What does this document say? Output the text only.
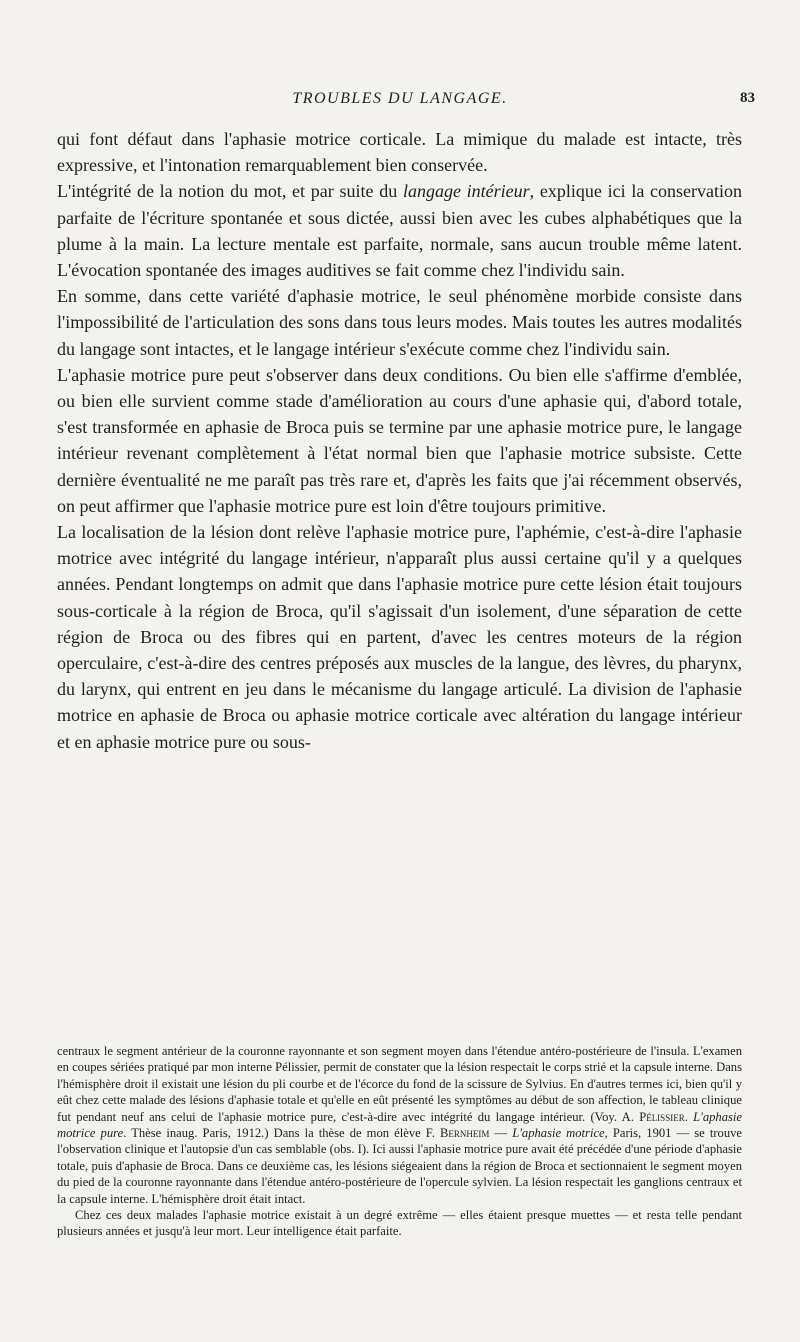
TROUBLES DU LANGAGE.	83

qui font défaut dans l'aphasie motrice corticale. La mimique du malade est intacte, très expressive, et l'intonation remarquablement bien conservée.

L'intégrité de la notion du mot, et par suite du langage intérieur, explique ici la conservation parfaite de l'écriture spontanée et sous dictée, aussi bien avec les cubes alphabétiques que la plume à la main. La lecture mentale est parfaite, normale, sans aucun trouble même latent. L'évocation spontanée des images auditives se fait comme chez l'individu sain.

En somme, dans cette variété d'aphasie motrice, le seul phénomène morbide consiste dans l'impossibilité de l'articulation des sons dans tous leurs modes. Mais toutes les autres modalités du langage sont intactes, et le langage intérieur s'exécute comme chez l'individu sain.

L'aphasie motrice pure peut s'observer dans deux conditions. Ou bien elle s'affirme d'emblée, ou bien elle survient comme stade d'amélioration au cours d'une aphasie qui, d'abord totale, s'est transformée en aphasie de Broca puis se termine par une aphasie motrice pure, le langage intérieur revenant complètement à l'état normal bien que l'aphasie motrice subsiste. Cette dernière éventualité ne me paraît pas très rare et, d'après les faits que j'ai récemment observés, on peut affirmer que l'aphasie motrice pure est loin d'être toujours primitive.

La localisation de la lésion dont relève l'aphasie motrice pure, l'aphémie, c'est-à-dire l'aphasie motrice avec intégrité du langage intérieur, n'apparaît plus aussi certaine qu'il y a quelques années. Pendant longtemps on admit que dans l'aphasie motrice pure cette lésion était toujours sous-corticale à la région de Broca, qu'il s'agissait d'un isolement, d'une séparation de cette région de Broca ou des fibres qui en partent, d'avec les centres moteurs de la région operculaire, c'est-à-dire des centres préposés aux muscles de la langue, des lèvres, du pharynx, du larynx, qui entrent en jeu dans le mécanisme du langage articulé. La division de l'aphasie motrice en aphasie de Broca ou aphasie motrice corticale avec altération du langage intérieur et en aphasie motrice pure ou sous-

centraux le segment antérieur de la couronne rayonnante et son segment moyen dans l'étendue antéro-postérieure de l'insula. L'examen en coupes sériées pratiqué par mon interne Pélissier, permit de constater que la lésion respectait le corps strié et la capsule interne. Dans l'hémisphère droit il existait une lésion du pli courbe et de l'écorce du fond de la scissure de Sylvius. En d'autres termes ici, bien qu'il y eût chez cette malade des lésions d'aphasie totale et qu'elle en eût présenté les symptômes au début de son affection, le tableau clinique fut pendant neuf ans celui de l'aphasie motrice pure, c'est-à-dire avec intégrité du langage intérieur. (Voy. A. Pélissier. L'aphasie motrice pure. Thèse inaug. Paris, 1912.) Dans la thèse de mon élève F. Bernheim — L'aphasie motrice, Paris, 1901 — se trouve l'observation clinique et l'autopsie d'un cas semblable (obs. I). Ici aussi l'aphasie motrice pure avait été précédée d'une période d'aphasie totale, puis d'aphasie de Broca. Dans ce deuxième cas, les lésions siégeaient dans la région de Broca et sectionnaient le segment moyen du pied de la couronne rayonnante dans l'étendue antéro-postérieure de l'opercule sylvien. La lésion respectait les ganglions centraux et la capsule interne. L'hémisphère droit était intact.

Chez ces deux malades l'aphasie motrice existait à un degré extrême — elles étaient presque muettes — et resta telle pendant plusieurs années et jusqu'à leur mort. Leur intelligence était parfaite.
